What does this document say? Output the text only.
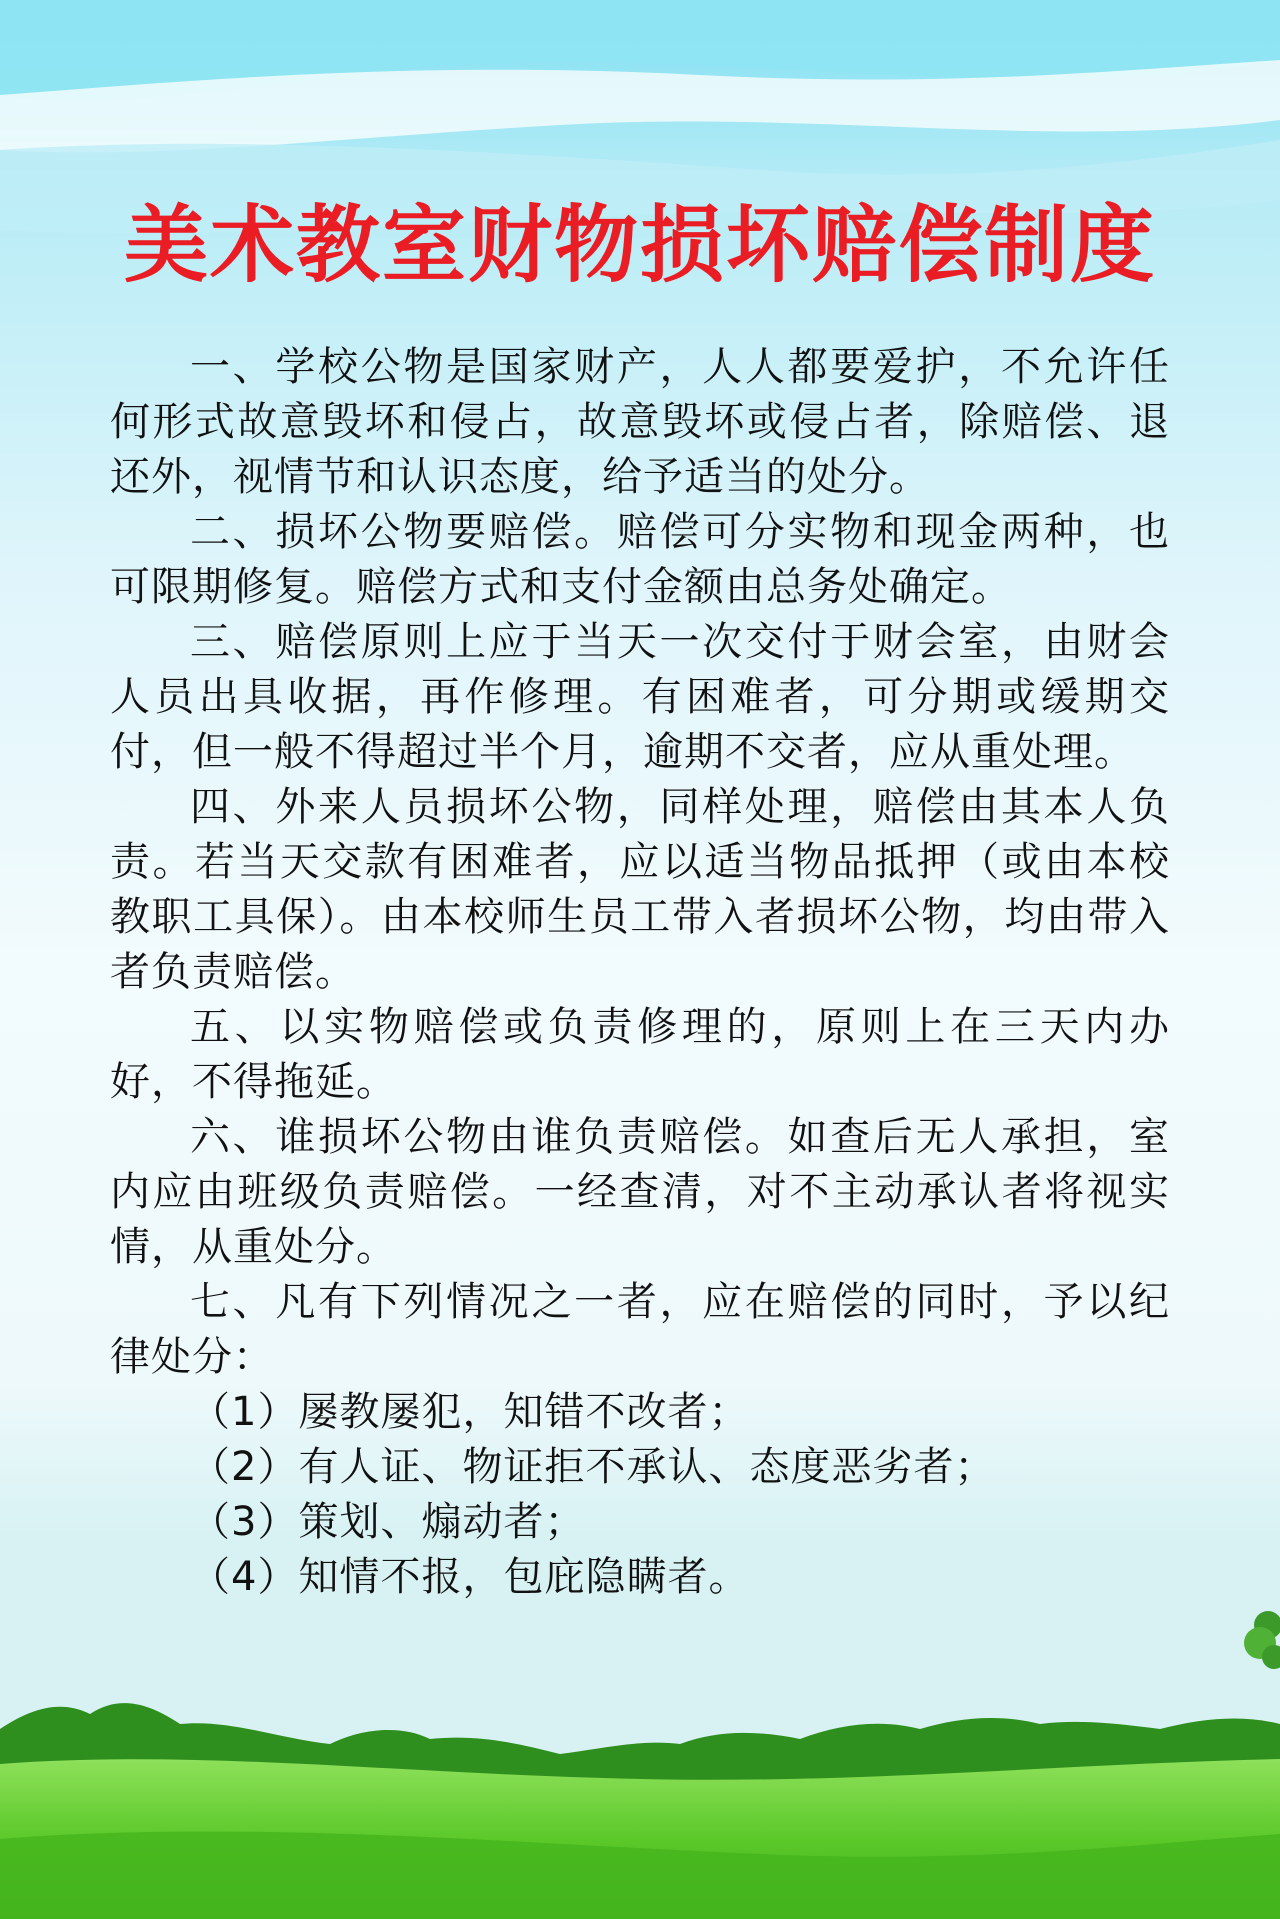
美术教室财物损坏赔偿制度

一、学校公物是国家财产，人人都要爱护，不允许任何形式故意毁坏和侵占，故意毁坏或侵占者，除赔偿、退还外，视情节和认识态度，给予适当的处分。

二、损坏公物要赔偿。赔偿可分实物和现金两种，也可限期修复。赔偿方式和支付金额由总务处确定。

三、赔偿原则上应于当天一次交付于财会室，由财会人员出具收据，再作修理。有困难者，可分期或缓期交付，但一般不得超过半个月，逾期不交者，应从重处理。

四、外来人员损坏公物，同样处理，赔偿由其本人负责。若当天交款有困难者，应以适当物品抵押（或由本校教职工具保）。由本校师生员工带入者损坏公物，均由带入者负责赔偿。

五、以实物赔偿或负责修理的，原则上在三天内办好，不得拖延。

六、谁损坏公物由谁负责赔偿。如查后无人承担，室内应由班级负责赔偿。一经查清，对不主动承认者将视实情，从重处分。

七、凡有下列情况之一者，应在赔偿的同时，予以纪律处分：

（1）屡教屡犯，知错不改者；

（2）有人证、物证拒不承认、态度恶劣者；

（3）策划、煽动者；

（4）知情不报，包庇隐瞒者。
